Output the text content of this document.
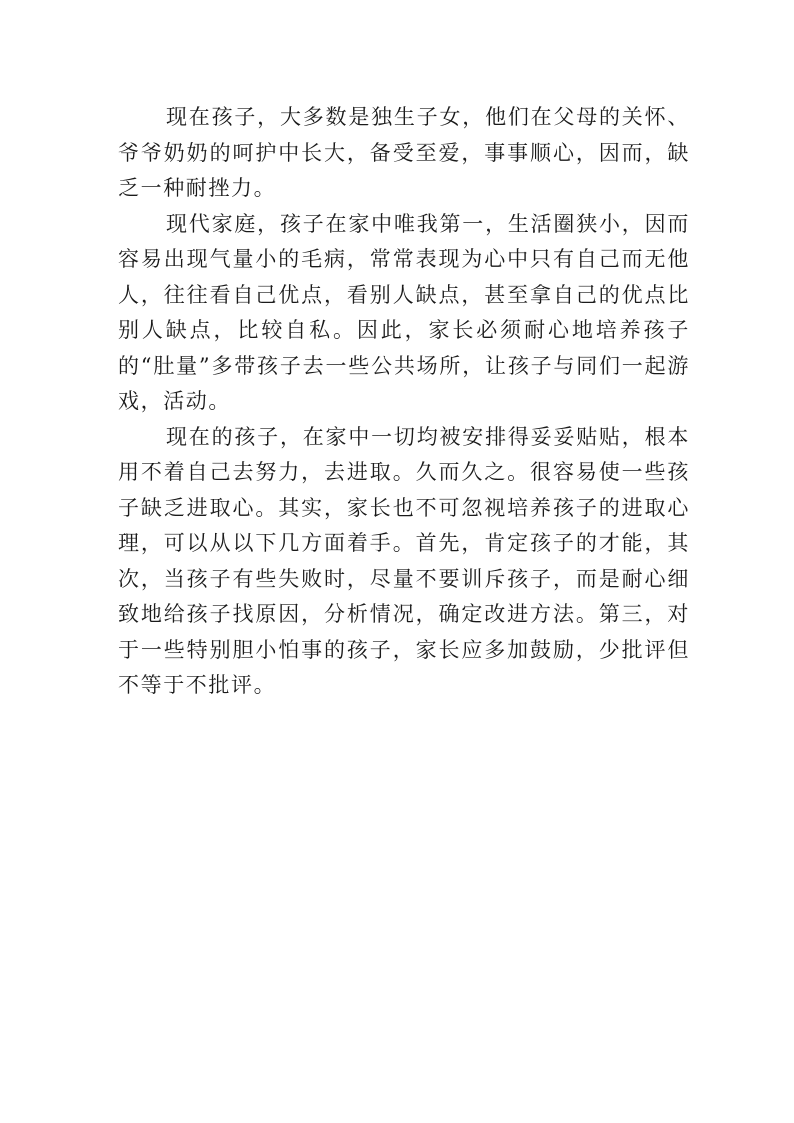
现在孩子，大多数是独生子女，他们在父母的关怀、爷爷奶奶的呵护中长大，备受至爱，事事顺心，因而，缺乏一种耐挫力。

现代家庭，孩子在家中唯我第一，生活圈狭小，因而容易出现气量小的毛病，常常表现为心中只有自己而无他人，往往看自己优点，看别人缺点，甚至拿自己的优点比别人缺点，比较自私。因此，家长必须耐心地培养孩子的“肚量”多带孩子去一些公共场所，让孩子与同们一起游戏，活动。

现在的孩子，在家中一切均被安排得妥妥贴贴，根本用不着自己去努力，去进取。久而久之。很容易使一些孩子缺乏进取心。其实，家长也不可忽视培养孩子的进取心理，可以从以下几方面着手。首先，肯定孩子的才能，其次，当孩子有些失败时，尽量不要训斥孩子，而是耐心细致地给孩子找原因，分析情况，确定改进方法。第三，对于一些特别胆小怕事的孩子，家长应多加鼓励，少批评但不等于不批评。
